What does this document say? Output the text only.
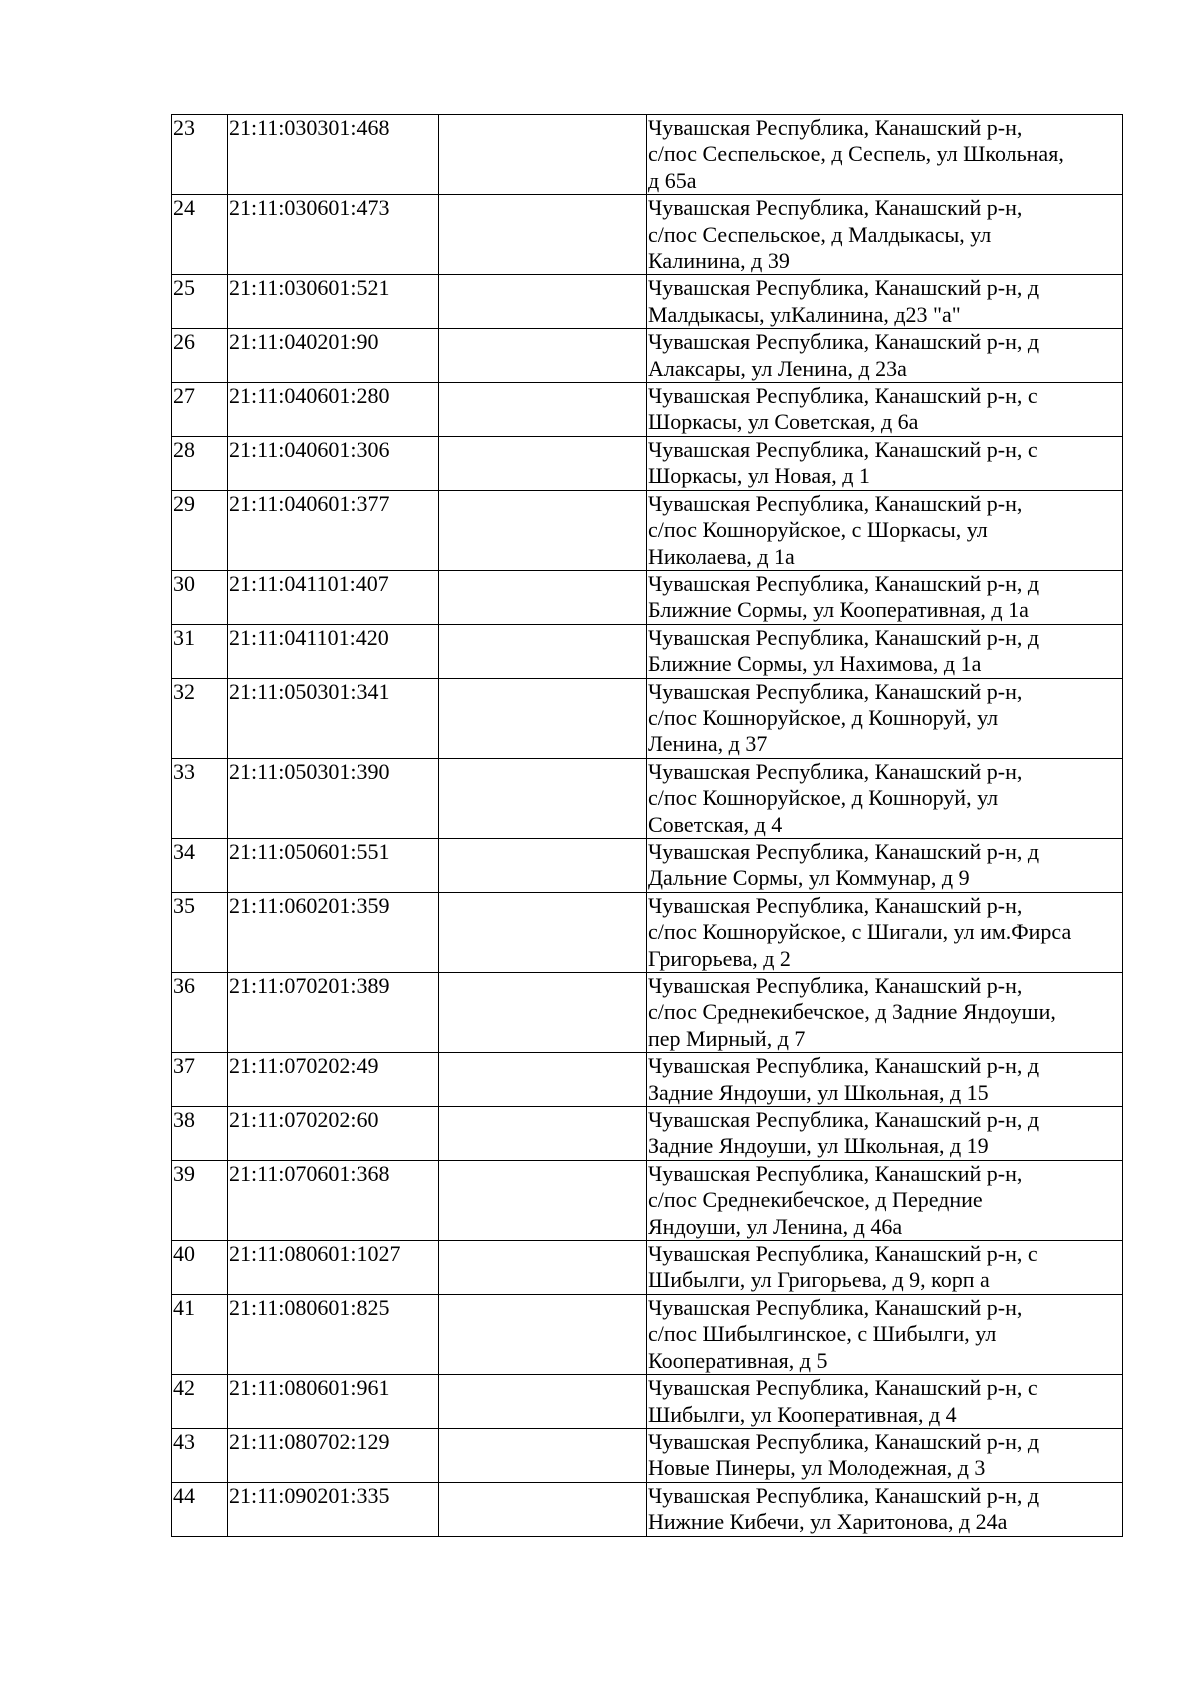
23	21:11:030301:468		Чувашская Республика, Канашский р-н,
с/пос Сеспельское, д Сеспель, ул Школьная,
д 65а
24	21:11:030601:473		Чувашская Республика, Канашский р-н,
с/пос Сеспельское, д Малдыкасы, ул
Калинина, д 39
25	21:11:030601:521		Чувашская Республика, Канашский р-н, д
Малдыкасы, улКалинина, д23 "а"
26	21:11:040201:90		Чувашская Республика, Канашский р-н, д
Алаксары, ул Ленина, д 23а
27	21:11:040601:280		Чувашская Республика, Канашский р-н, с
Шоркасы, ул Советская, д 6а
28	21:11:040601:306		Чувашская Республика, Канашский р-н, с
Шоркасы, ул Новая, д 1
29	21:11:040601:377		Чувашская Республика, Канашский р-н,
с/пос Кошноруйское, с Шоркасы, ул
Николаева, д 1а
30	21:11:041101:407		Чувашская Республика, Канашский р-н, д
Ближние Сормы, ул Кооперативная, д 1а
31	21:11:041101:420		Чувашская Республика, Канашский р-н, д
Ближние Сормы, ул Нахимова, д 1а
32	21:11:050301:341		Чувашская Республика, Канашский р-н,
с/пос Кошноруйское, д Кошноруй, ул
Ленина, д 37
33	21:11:050301:390		Чувашская Республика, Канашский р-н,
с/пос Кошноруйское, д Кошноруй, ул
Советская, д 4
34	21:11:050601:551		Чувашская Республика, Канашский р-н, д
Дальние Сормы, ул Коммунар, д 9
35	21:11:060201:359		Чувашская Республика, Канашский р-н,
с/пос Кошноруйское, с Шигали, ул им.Фирса
Григорьева, д 2
36	21:11:070201:389		Чувашская Республика, Канашский р-н,
с/пос Среднекибечское, д Задние Яндоуши,
пер Мирный, д 7
37	21:11:070202:49		Чувашская Республика, Канашский р-н, д
Задние Яндоуши, ул Школьная, д 15
38	21:11:070202:60		Чувашская Республика, Канашский р-н, д
Задние Яндоуши, ул Школьная, д 19
39	21:11:070601:368		Чувашская Республика, Канашский р-н,
с/пос Среднекибечское, д Передние
Яндоуши, ул Ленина, д 46а
40	21:11:080601:1027		Чувашская Республика, Канашский р-н, с
Шибылги, ул Григорьева, д 9, корп а
41	21:11:080601:825		Чувашская Республика, Канашский р-н,
с/пос Шибылгинское, с Шибылги, ул
Кооперативная, д 5
42	21:11:080601:961		Чувашская Республика, Канашский р-н, с
Шибылги, ул Кооперативная, д 4
43	21:11:080702:129		Чувашская Республика, Канашский р-н, д
Новые Пинеры, ул Молодежная, д 3
44	21:11:090201:335		Чувашская Республика, Канашский р-н, д
Нижние Кибечи, ул Харитонова, д 24а
